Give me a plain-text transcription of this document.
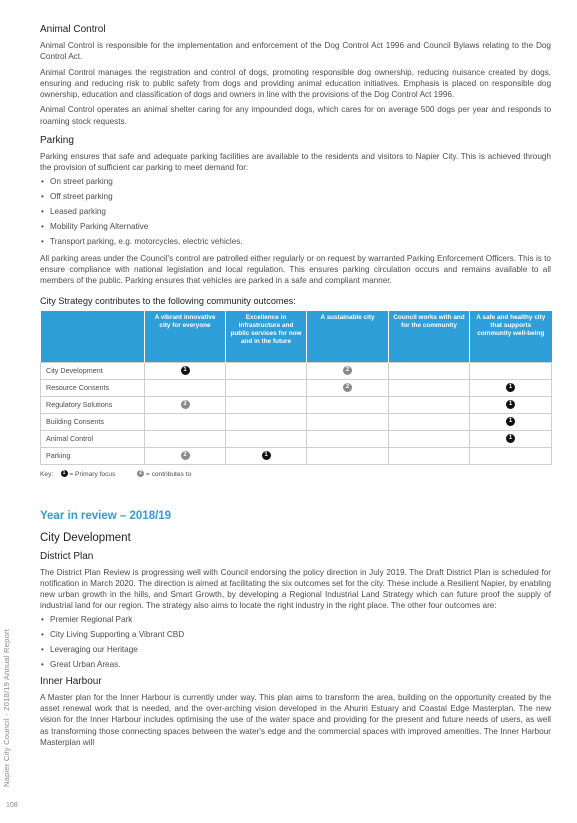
Animal Control

Animal Control is responsible for the implementation and enforcement of the Dog Control Act 1996 and Council Bylaws relating to the Dog Control Act.

Animal Control manages the registration and control of dogs, promoting responsible dog ownership, reducing nuisance created by dogs, ensuring and reducing risk to public safety from dogs and providing animal education initiatives. Emphasis is placed on responsible dog ownership, education and classification of dogs and owners in line with the provisions of the Dog Control Act 1996.

Animal Control operates an animal shelter caring for any impounded dogs, which cares for on average 500 dogs per year and responds to roaming stock requests.

Parking

Parking ensures that safe and adequate parking facilities are available to the residents and visitors to Napier City. This is achieved through the provision of sufficient car parking to meet demand for:

• On street parking
• Off street parking
• Leased parking
• Mobility Parking Alternative
• Transport parking, e.g. motorcycles, electric vehicles.

All parking areas under the Council's control are patrolled either regularly or on request by warranted Parking Enforcement Officers. This is to ensure compliance with national legislation and local regulation. This ensures parking circulation occurs and remains available to all members of the public. Parking ensures that vehicles are parked in a safe and compliant manner.

City Strategy contributes to the following community outcomes:

	A vibrant innovative city for everyone	Excellence in infrastructure and public services for now and in the future	A sustainable city	Council works with and for the community	A safe and healthy city that supports community well-being
City Development	1		2		
Resource Consents			2		1
Regulatory Solutions	2				1
Building Consents					1
Animal Control					1
Parking	2	1			
Key: 1 = Primary focus	2 = contributes to
Year in review – 2018/19
City Development
District Plan

The District Plan Review is progressing well with Council endorsing the policy direction in July 2019. The Draft District Plan is scheduled for notification in March 2020. The direction is aimed at facilitating the six outcomes set for the city. These include a Resilient Napier, by enabling new urban growth in the hills, and Smart Growth, by developing a Regional Industrial Land Strategy which can future proof the supply of industrial land for our region. The strategy also aims to locate the right industry in the right place. The other four outcomes are:

• Premier Regional Park
• City Living Supporting a Vibrant CBD
• Leveraging our Heritage
• Great Urban Areas.
Inner Harbour

A Master plan for the Inner Harbour is currently under way. This plan aims to transform the area, building on the opportunity created by the asset renewal work that is needed, and the over-arching vision developed in the Ahuriri Estuary and Coastal Edge Masterplan. The new vision for the Inner Harbour includes optimising the use of the water space and providing for the present and future needs of users, as well as transforming those connecting spaces between the water's edge and the commercial spaces with improved amenities. The Inner Harbour Masterplan will

Napier City Council - 2018/19 Annual Report
108
